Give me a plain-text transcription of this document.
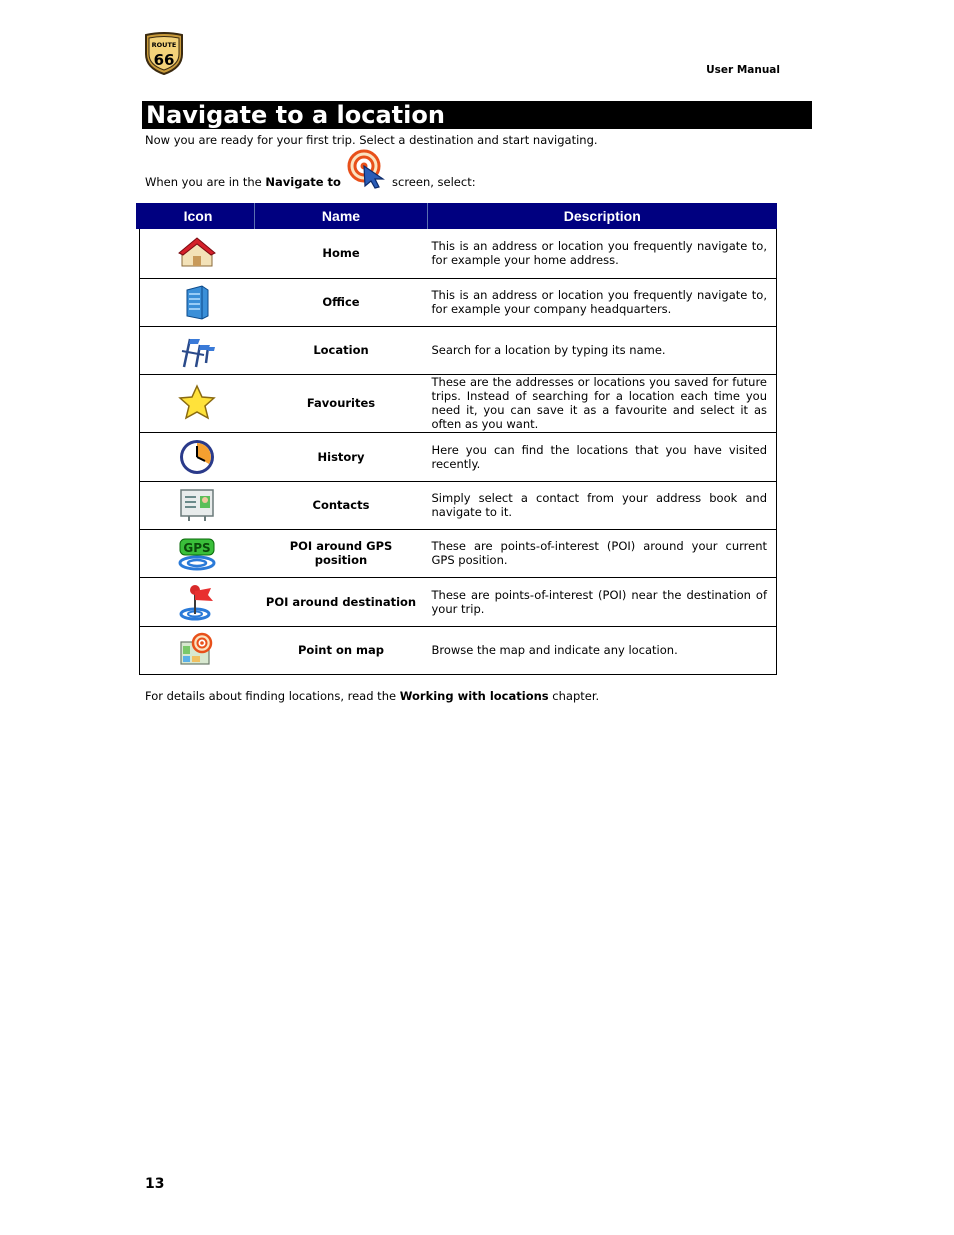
ROUTE
66
User Manual
Navigate to a location
Now you are ready for your first trip. Select a destination and start navigating.
When you are in the Navigate to	screen, select:
Icon	Name	Description
	Home	This is an address or location you frequently navigate to, for example your home address.
	Office	This is an address or location you frequently navigate to, for example your company headquarters.
	Location	Search for a location by typing its name.
	Favourites	These are the addresses or locations you saved for future trips. Instead of searching for a location each time you need it, you can save it as a favourite and select it as often as you want.
	History	Here you can find the locations that you have visited recently.
	Contacts	Simply select a contact from your address book and navigate to it.

GPS	POI around GPS position	These are points-of-interest (POI) around your current GPS position.
	POI around destination	These are points-of-interest (POI) near the destination of your trip.
	Point on map	Browse the map and indicate any location.
For details about finding locations, read the Working with locations chapter.
13
